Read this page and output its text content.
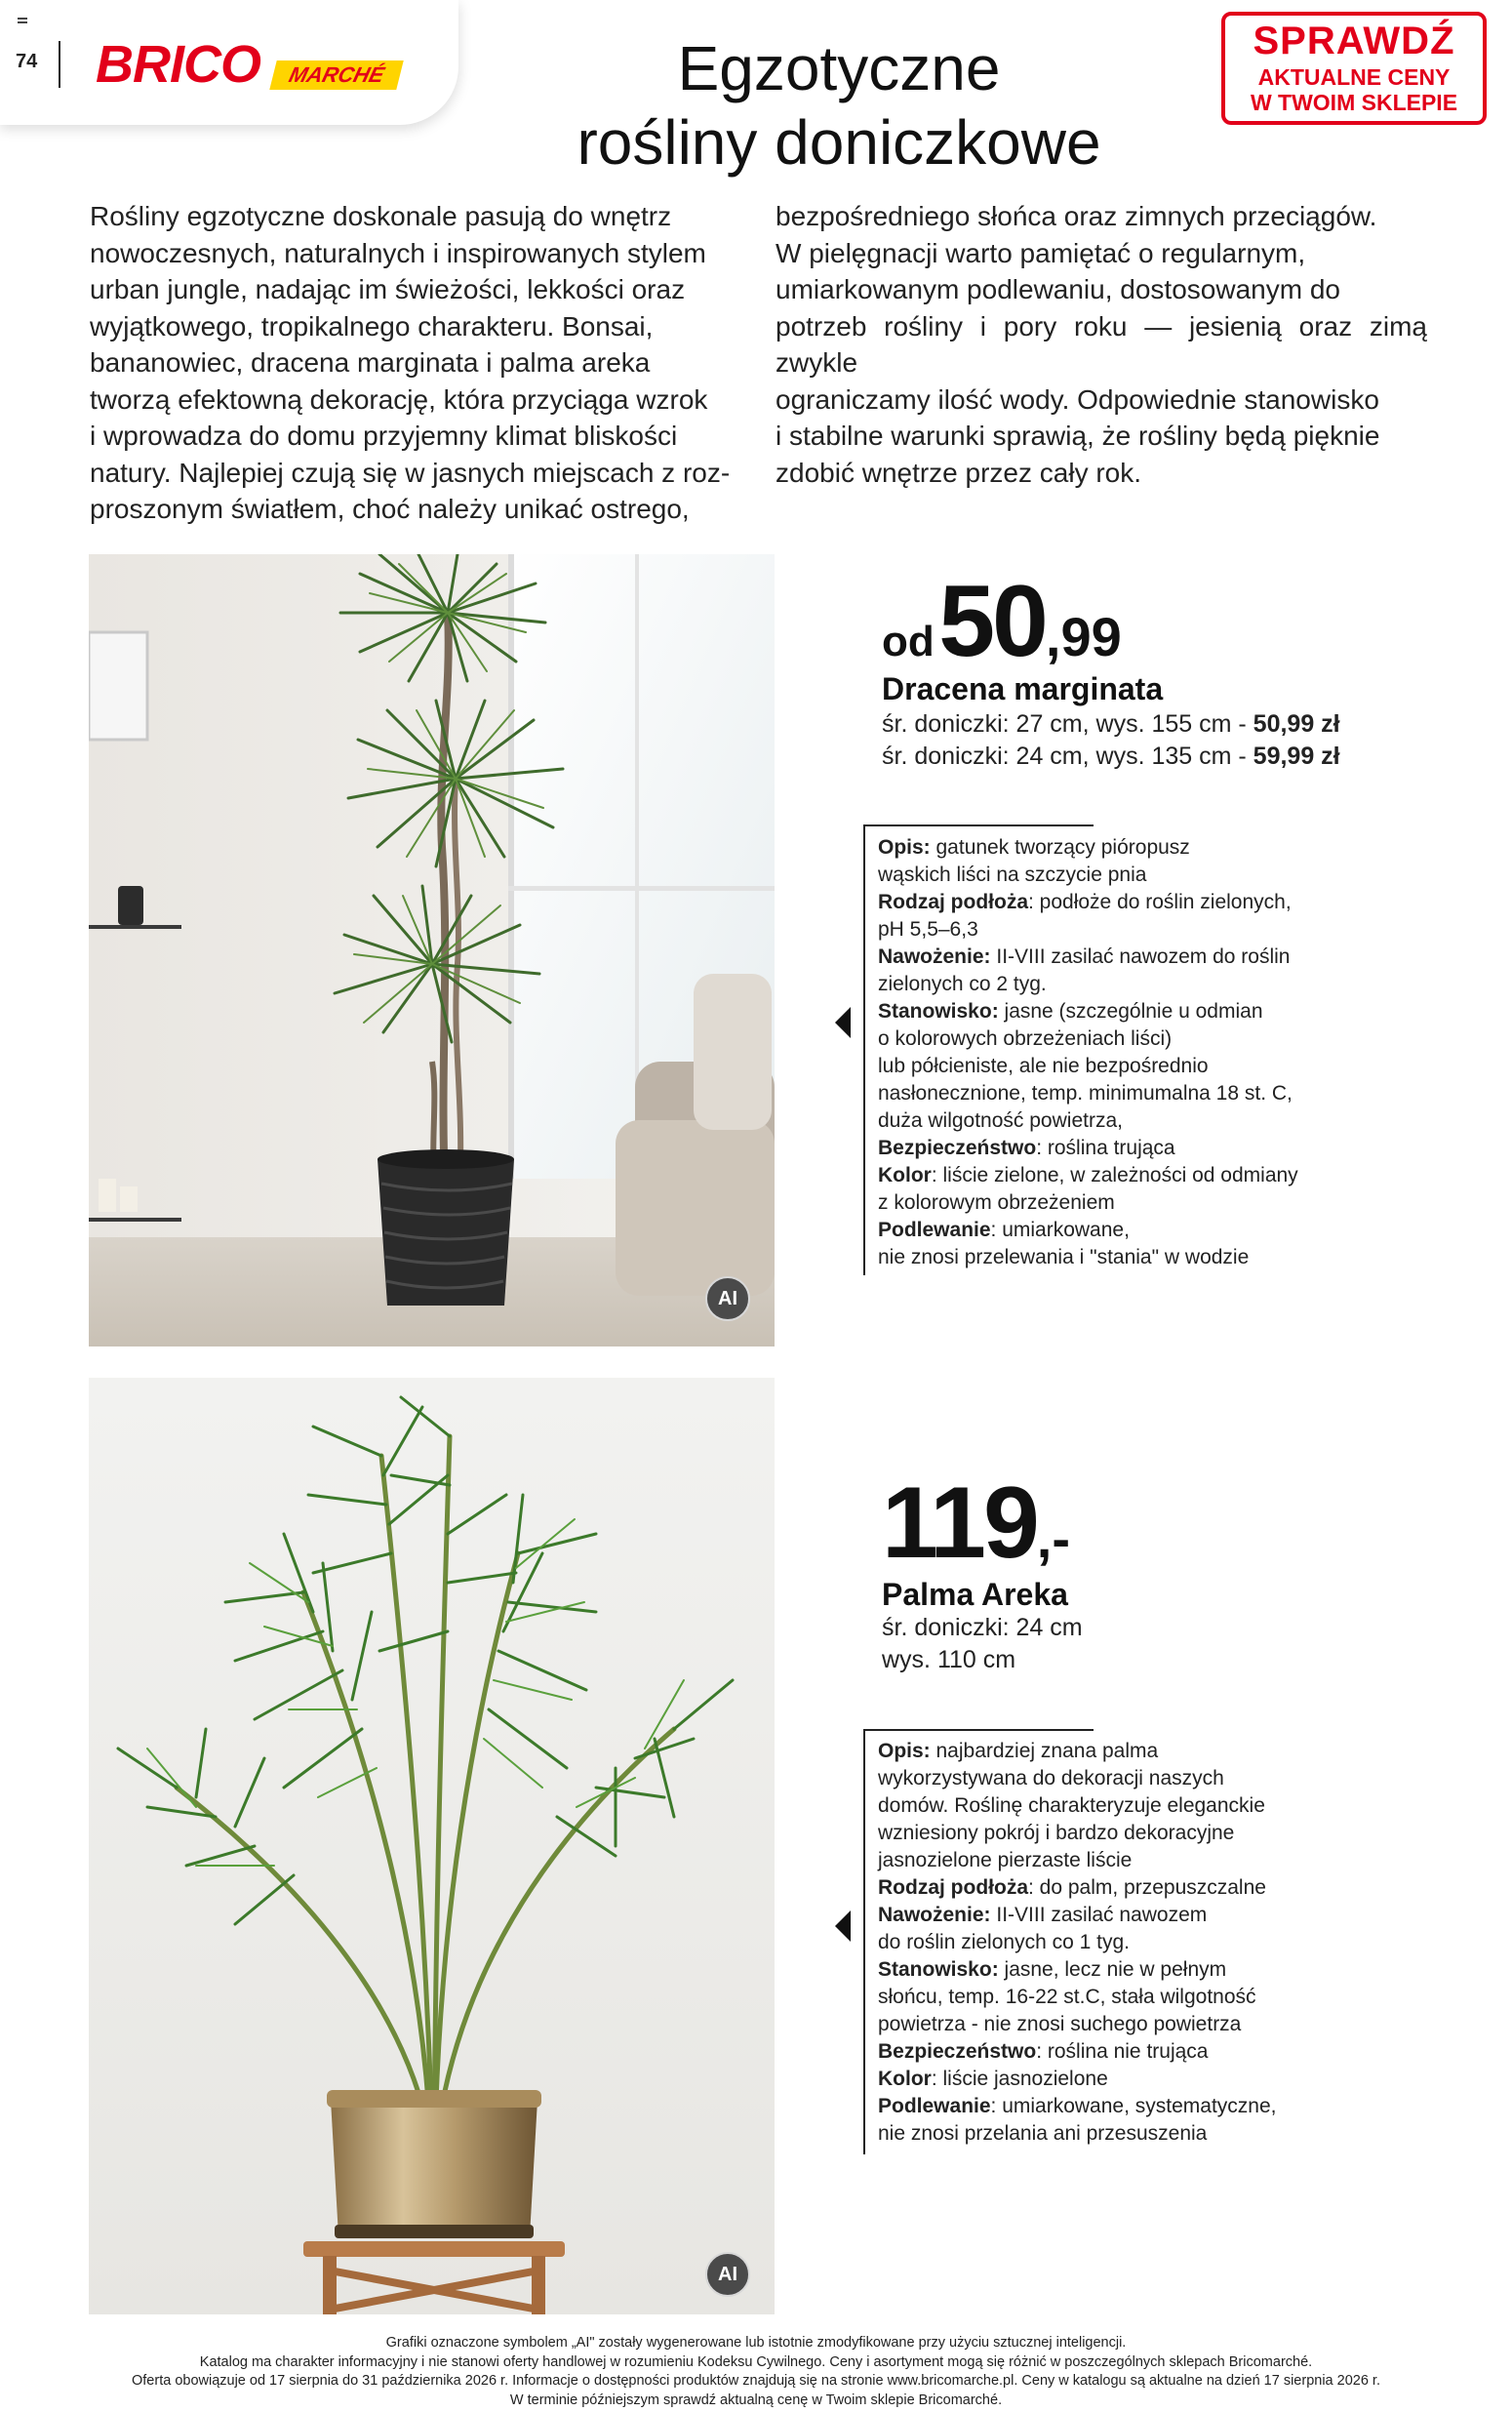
74 BRICO	MARCHÉ	Egzotyczne
rośliny doniczkowe
SPRAWDŹ
AKTUALNE CENY
W TWOIM SKLEPIE
Rośliny egzotyczne doskonale pasują do wnętrz
nowoczesnych, naturalnych i inspirowanych stylem
urban jungle, nadając im świeżości, lekkości oraz
wyjątkowego, tropikalnego charakteru. Bonsai,
bananowiec, dracena marginata i palma areka
tworzą efektowną dekorację, która przyciąga wzrok
i wprowadza do domu przyjemny klimat bliskości
natury. Najlepiej czują się w jasnych miejscach z roz-
proszonym światłem, choć należy unikać ostrego,
bezpośredniego słońca oraz zimnych przeciągów.
W pielęgnacji warto pamiętać o regularnym,
umiarkowanym podlewaniu, dostosowanym do
potrzeb rośliny i pory roku — jesienią oraz zimą zwykle
ograniczamy ilość wody. Odpowiednie stanowisko
i stabilne warunki sprawią, że rośliny będą pięknie
zdobić wnętrze przez cały rok.
AI
od 50,99
Dracena marginata
śr. doniczki: 27 cm, wys. 155 cm - 50,99 zł
śr. doniczki: 24 cm, wys. 135 cm - 59,99 zł
Opis: gatunek tworzący pióropusz
wąskich liści na szczycie pnia
Rodzaj podłoża: podłoże do roślin zielonych,
pH 5,5–6,3
Nawożenie: II-VIII zasilać nawozem do roślin
zielonych co 2 tyg.
Stanowisko: jasne (szczególnie u odmian
o kolorowych obrzeżeniach liści)
lub półcieniste, ale nie bezpośrednio
nasłonecznione, temp. minimumalna 18 st. C,
duża wilgotność powietrza,
Bezpieczeństwo: roślina trująca
Kolor: liście zielone, w zależności od odmiany
z kolorowym obrzeżeniem
Podlewanie: umiarkowane,
nie znosi przelewania i "stania" w wodzie
AI
119,-
Palma Areka
śr. doniczki: 24 cm
wys. 110 cm
Opis: najbardziej znana palma
wykorzystywana do dekoracji naszych
domów. Roślinę charakteryzuje eleganckie
wzniesiony pokrój i bardzo dekoracyjne
jasnozielone pierzaste liście
Rodzaj podłoża: do palm, przepuszczalne
Nawożenie: II-VIII zasilać nawozem
do roślin zielonych co 1 tyg.
Stanowisko: jasne, lecz nie w pełnym
słońcu, temp. 16-22 st.C, stała wilgotność
powietrza - nie znosi suchego powietrza
Bezpieczeństwo: roślina nie trująca
Kolor: liście jasnozielone
Podlewanie: umiarkowane, systematyczne,
nie znosi przelania ani przesuszenia
Grafiki oznaczone symbolem „AI" zostały wygenerowane lub istotnie zmodyfikowane przy użyciu sztucznej inteligencji.
Katalog ma charakter informacyjny i nie stanowi oferty handlowej w rozumieniu Kodeksu Cywilnego. Ceny i asortyment mogą się różnić w poszczególnych sklepach Bricomarché.
Oferta obowiązuje od 17 sierpnia do 31 października 2026 r. Informacje o dostępności produktów znajdują się na stronie www.bricomarche.pl. Ceny w katalogu są aktualne na dzień 17 sierpnia 2026 r.
W terminie późniejszym sprawdź aktualną cenę w Twoim sklepie Bricomarché.
